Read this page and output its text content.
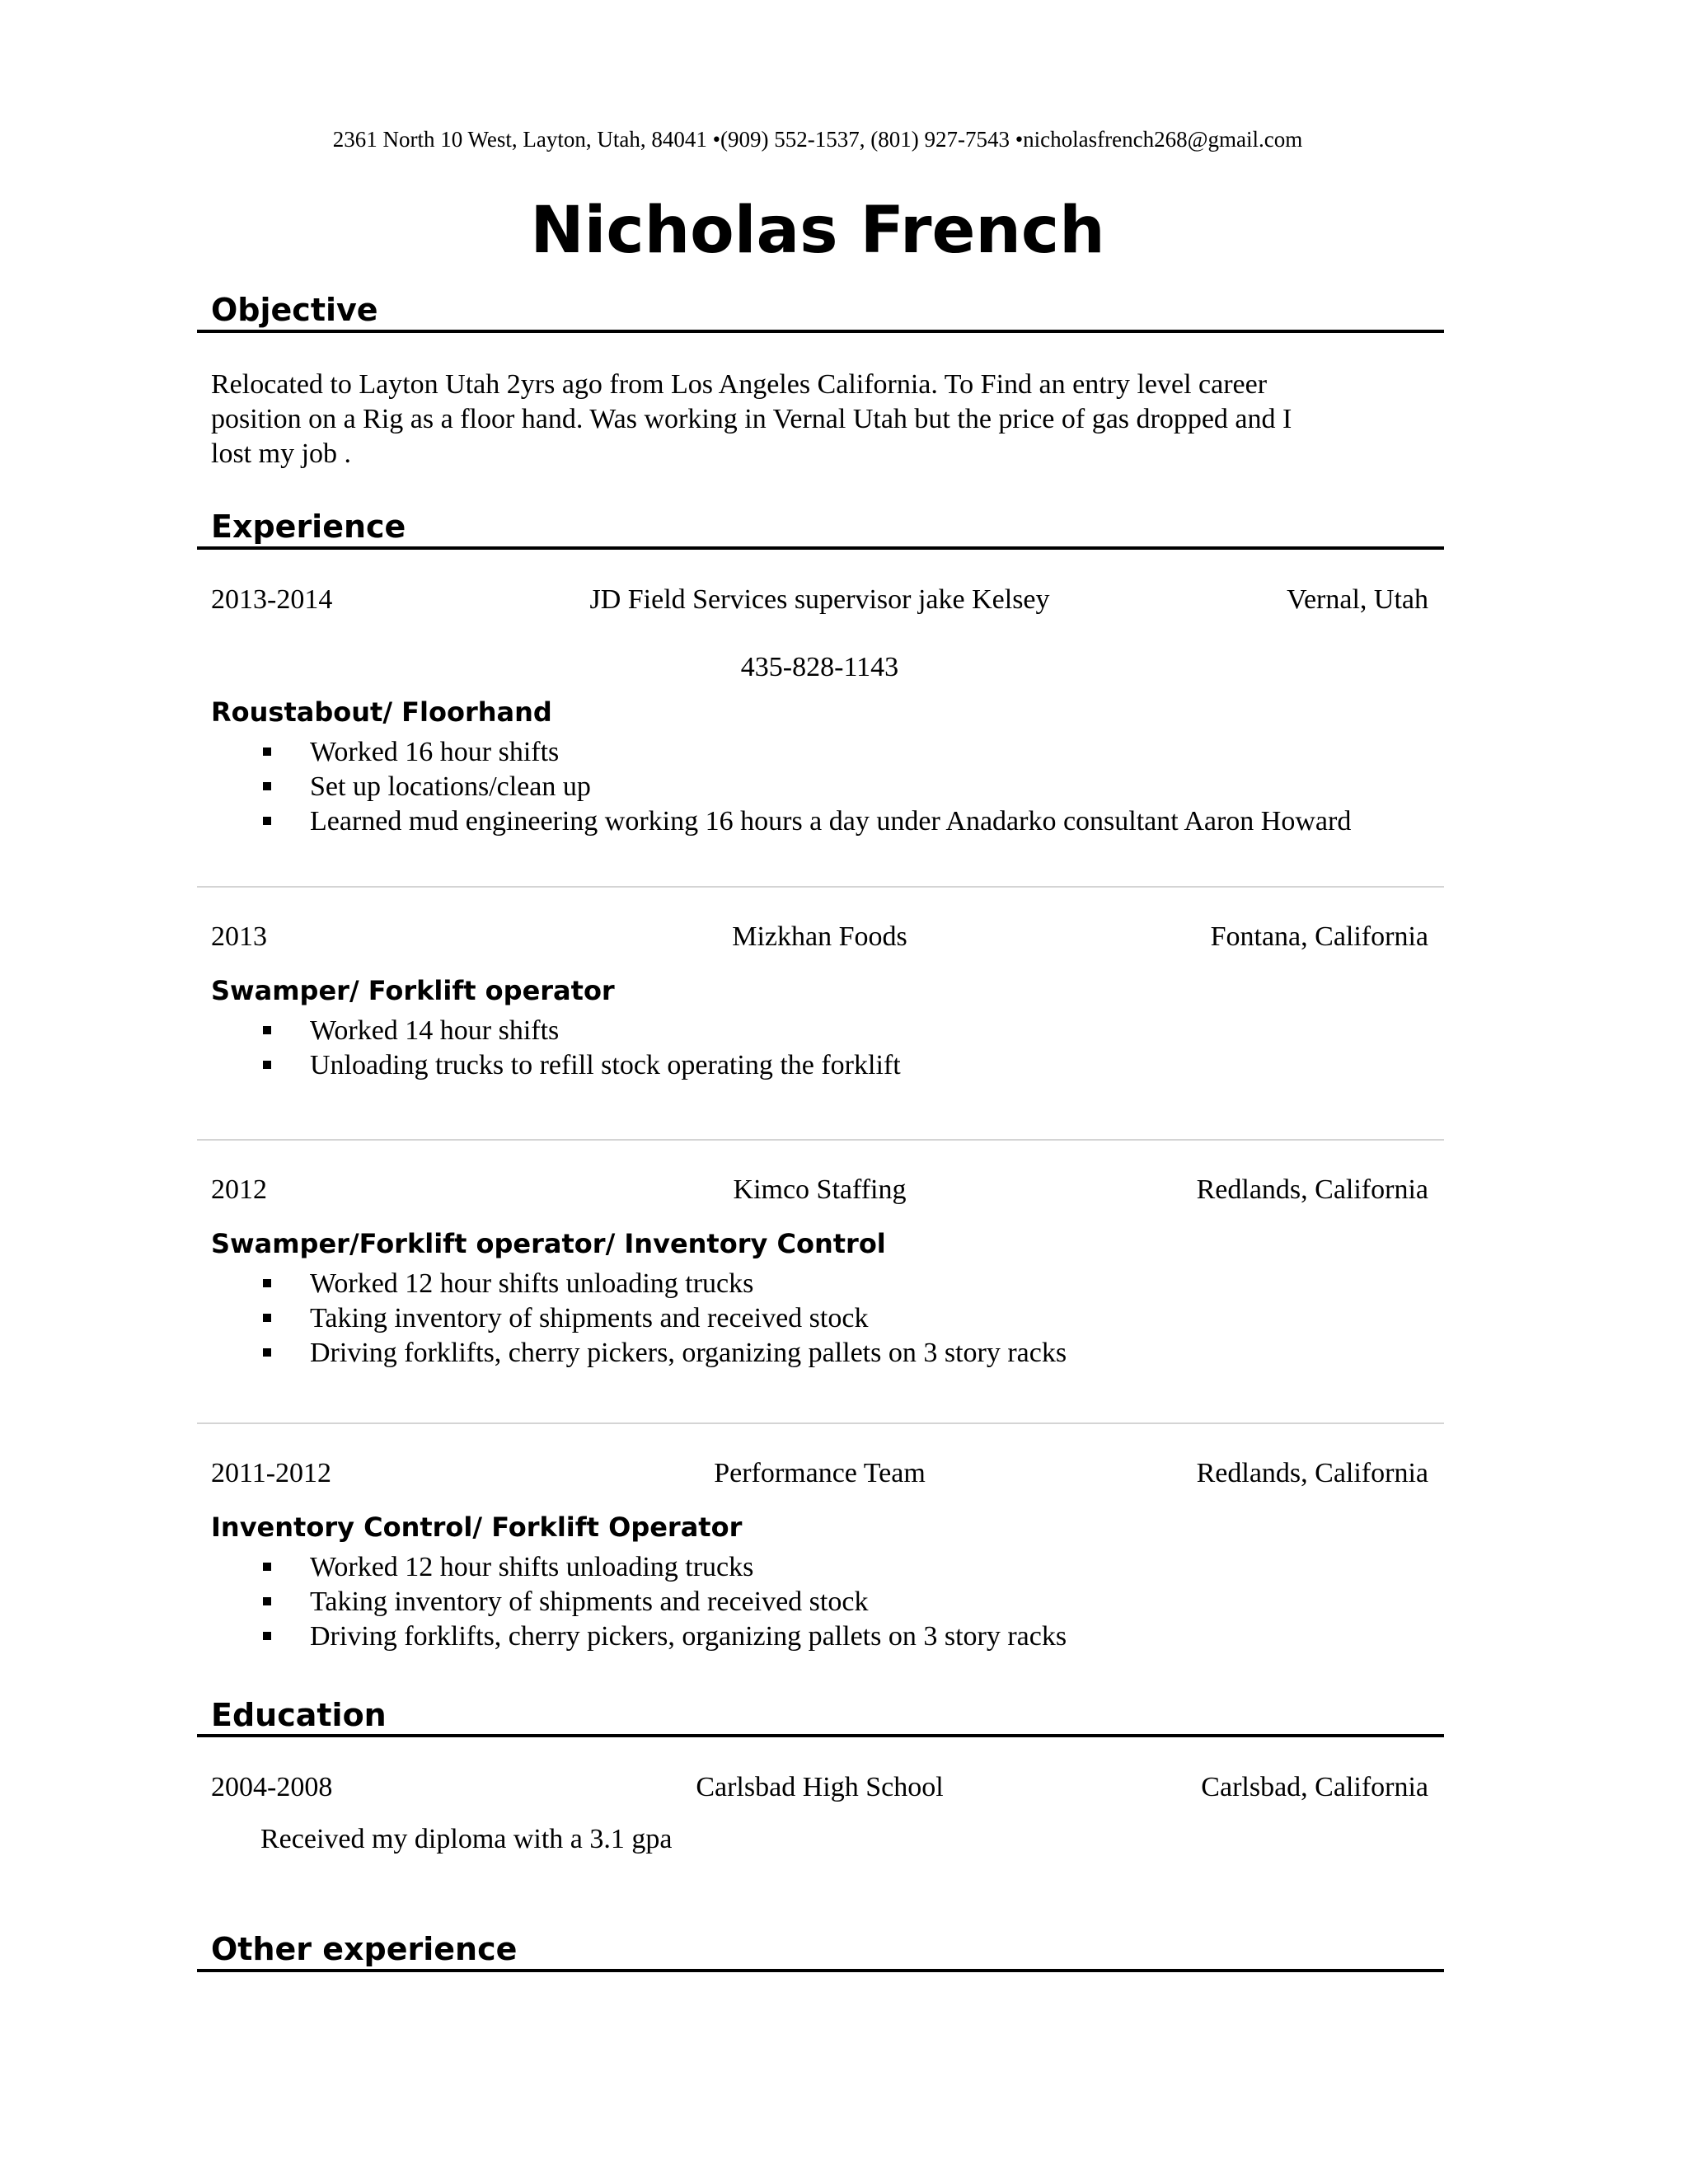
2361 North 10 West, Layton, Utah, 84041 •(909) 552-1537, (801) 927-7543 •nicholasfrench268@gmail.com
Nicholas French
Objective
Relocated to Layton Utah 2yrs ago from Los Angeles California. To Find an entry level career
position on a Rig as a floor hand. Was working in Vernal Utah but the price of gas dropped and I
lost my job .
Experience
2013-2014	JD Field Services supervisor jake Kelsey	Vernal, Utah
435-828-1143
Roustabout/ Floorhand
Worked 16 hour shifts
Set up locations/clean up
Learned mud engineering working 16 hours a day under Anadarko consultant Aaron Howard
2013	Mizkhan Foods	Fontana, California
Swamper/ Forklift operator
Worked 14 hour shifts
Unloading trucks to refill stock operating the forklift
2012	Kimco Staffing	Redlands, California
Swamper/Forklift operator/ Inventory Control
Worked 12 hour shifts unloading trucks
Taking inventory of shipments and received stock
Driving forklifts, cherry pickers, organizing pallets on 3 story racks
2011-2012	Performance Team	Redlands, California
Inventory Control/ Forklift Operator
Worked 12 hour shifts unloading trucks
Taking inventory of shipments and received stock
Driving forklifts, cherry pickers, organizing pallets on 3 story racks
Education
2004-2008	Carlsbad High School	Carlsbad, California
Received my diploma with a 3.1 gpa
Other experience
